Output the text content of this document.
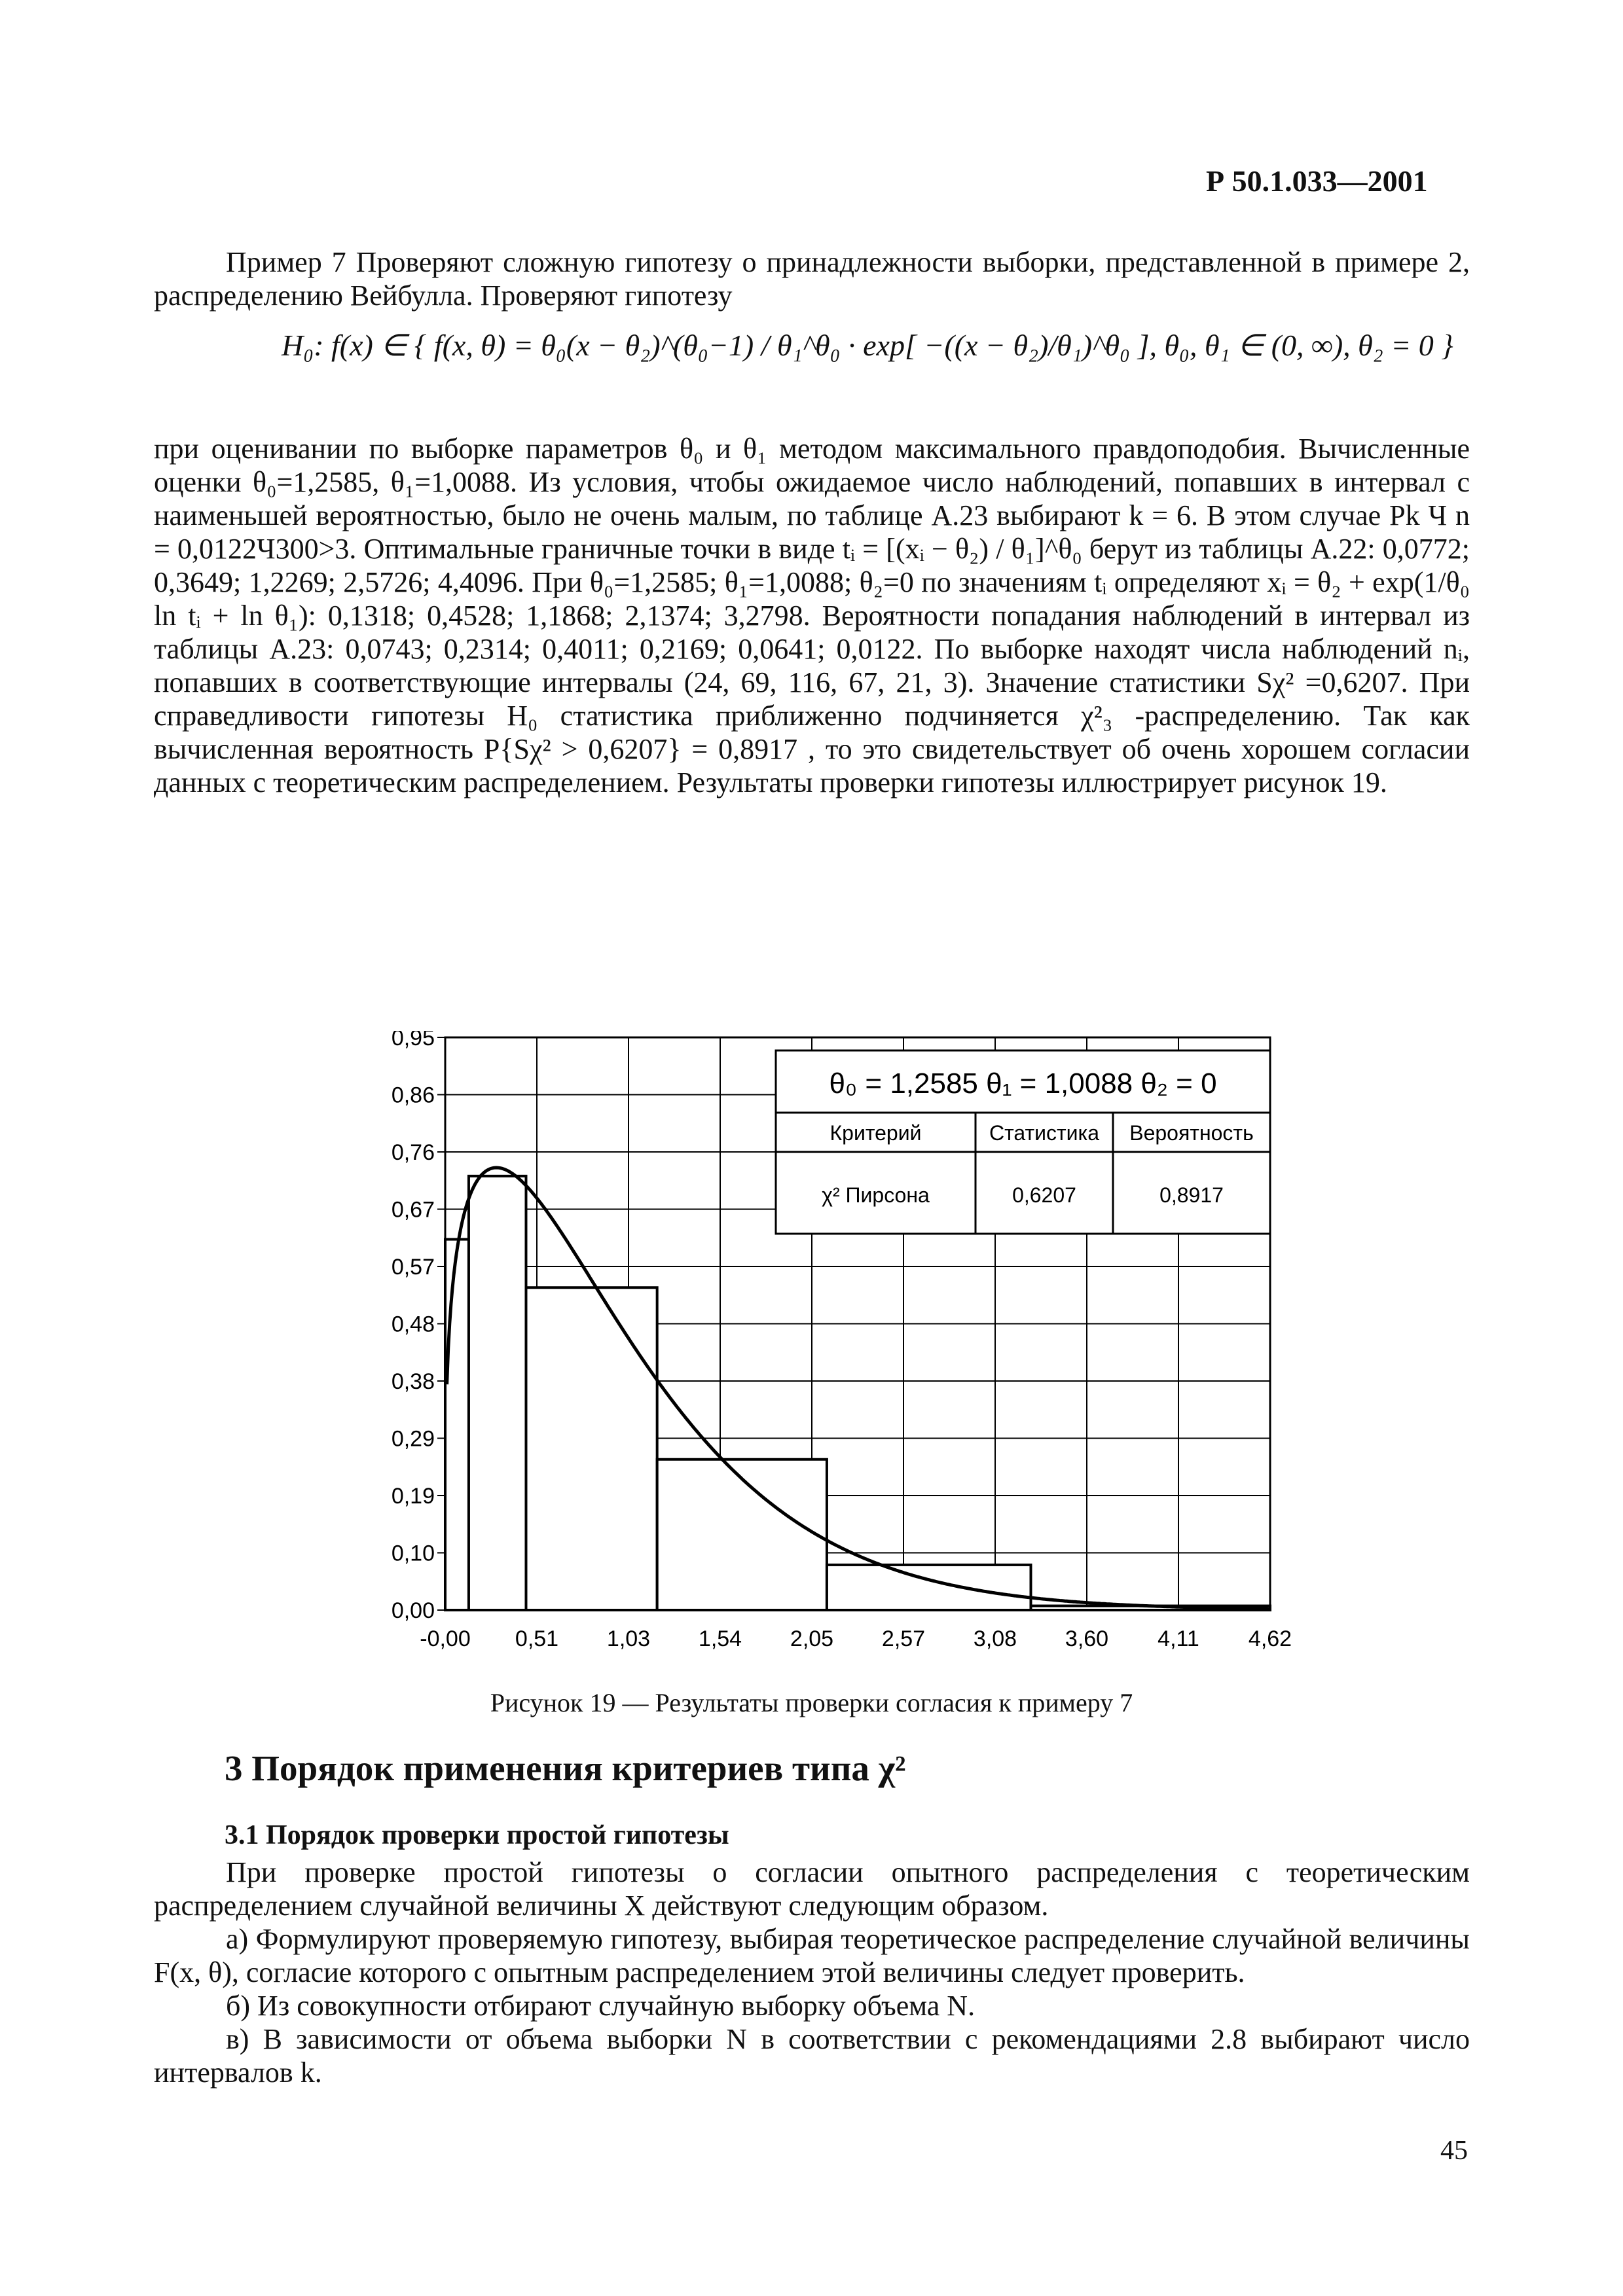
Р 50.1.033—2001
Пример 7 Проверяют сложную гипотезу о принадлежности выборки, представленной в примере 2, распределению Вейбулла. Проверяют гипотезу
H₀: f(x) ∈ { f(x, θ) = θ₀(x − θ₂)^(θ₀−1) / θ₁^θ₀ · exp[ −((x − θ₂)/θ₁)^θ₀ ], θ₀, θ₁ ∈ (0, ∞), θ₂ = 0 }
при оценивании по выборке параметров θ₀ и θ₁ методом максимального правдоподобия. Вычисленные оценки θ₀=1,2585, θ₁=1,0088. Из условия, чтобы ожидаемое число наблюдений, попавших в интервал с наименьшей вероятностью, было не очень малым, по таблице А.23 выбирают k = 6. В этом случае Pk Ч n = 0,0122Ч300>3. Оптимальные граничные точки в виде tᵢ = [(xᵢ − θ₂) / θ₁]^θ₀ берут из таблицы А.22: 0,0772; 0,3649; 1,2269; 2,5726; 4,4096. При θ₀=1,2585; θ₁=1,0088; θ₂=0 по значениям tᵢ определяют xᵢ = θ₂ + exp(1/θ₀ ln tᵢ + ln θ₁): 0,1318; 0,4528; 1,1868; 2,1374; 3,2798. Вероятности попадания наблюдений в интервал из таблицы А.23: 0,0743; 0,2314; 0,4011; 0,2169; 0,0641; 0,0122. По выборке находят числа наблюдений nᵢ, попавших в соответствующие интервалы (24, 69, 116, 67, 21, 3). Значение статистики Sχ² =0,6207. При справедливости гипотезы H₀ статистика приближенно подчиняется χ²₃ -распределению. Так как вычисленная вероятность P{Sχ² > 0,6207} = 0,8917 , то это свидетельствует об очень хорошем согласии данных с теоретическим распределением. Результаты проверки гипотезы иллюстрирует рисунок 19.
-0,00 0,51 1,03 1,54 2,05 2,57 3,08 3,60 4,11 4,62
0,00
0,10
0,19
0,29
0,38
0,48
0,57
0,67
0,76
0,86
0,95
θ₀ = 1,2585 θ₁ = 1,0088 θ₂ = 0
Критерий
χ² Пирсона
Статистика
0,6207
Вероятность
0,8917
Рисунок 19 — Результаты проверки согласия к примеру 7
3 Порядок применения критериев типа χ²
3.1 Порядок проверки простой гипотезы
При проверке простой гипотезы о согласии опытного распределения с теоретическим распределением случайной величины X действуют следующим образом.
а) Формулируют проверяемую гипотезу, выбирая теоретическое распределение случайной величины F(x, θ), согласие которого с опытным распределением этой величины следует проверить.
б) Из совокупности отбирают случайную выборку объема N.
в) В зависимости от объема выборки N в соответствии с рекомендациями 2.8 выбирают число интервалов k.
45
